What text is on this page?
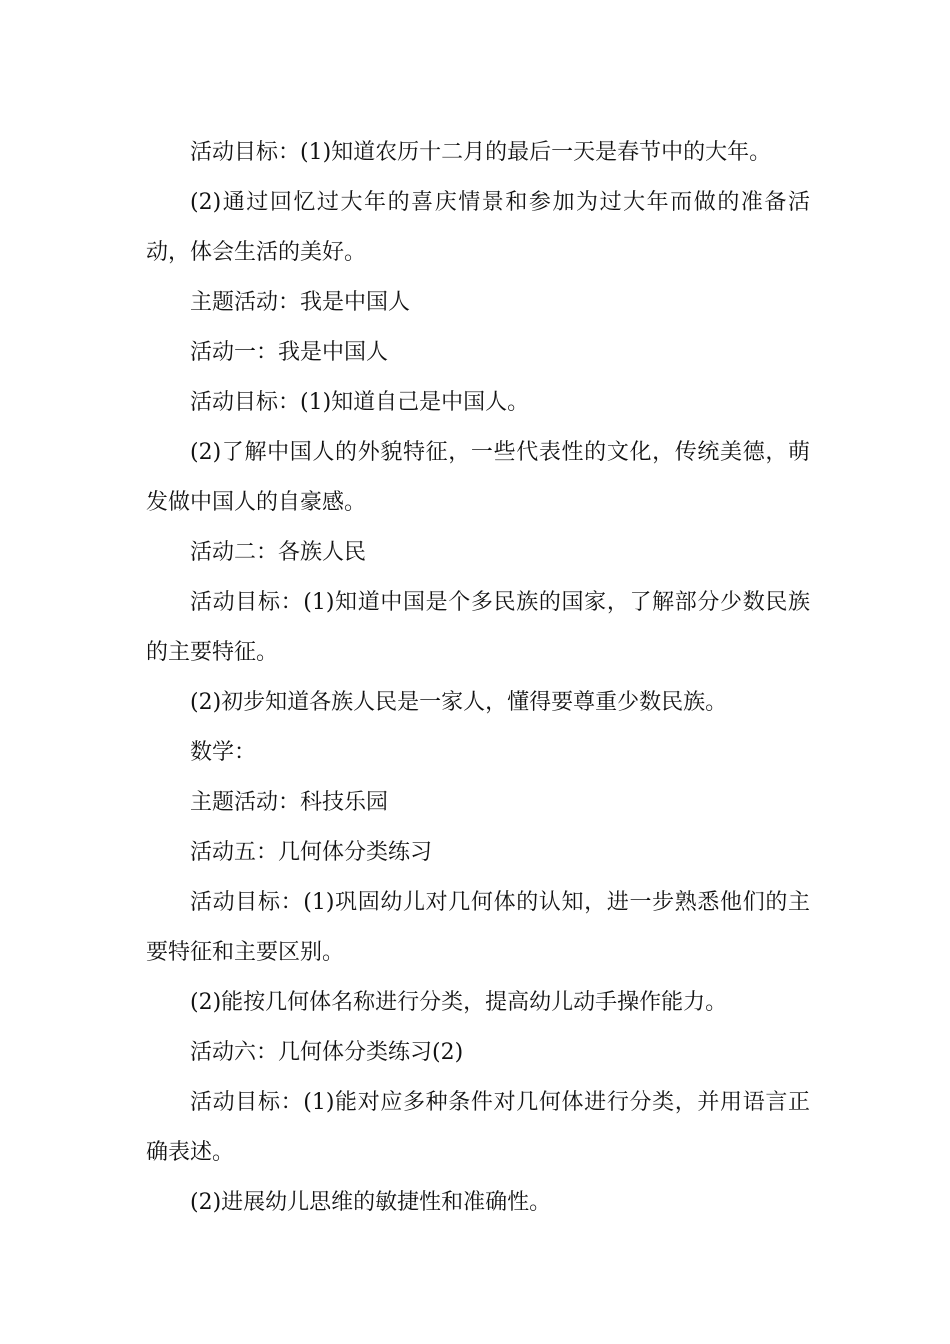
活动目标：(1)知道农历十二月的最后一天是春节中的大年。

(2)通过回忆过大年的喜庆情景和参加为过大年而做的准备活动，体会生活的美好。

主题活动：我是中国人

活动一：我是中国人

活动目标：(1)知道自己是中国人。

(2)了解中国人的外貌特征，一些代表性的文化，传统美德，萌发做中国人的自豪感。

活动二：各族人民

活动目标：(1)知道中国是个多民族的国家，了解部分少数民族的主要特征。

(2)初步知道各族人民是一家人，懂得要尊重少数民族。

数学：

主题活动：科技乐园

活动五：几何体分类练习

活动目标：(1)巩固幼儿对几何体的认知，进一步熟悉他们的主要特征和主要区别。

(2)能按几何体名称进行分类，提高幼儿动手操作能力。

活动六：几何体分类练习(2)

活动目标：(1)能对应多种条件对几何体进行分类，并用语言正确表述。

(2)进展幼儿思维的敏捷性和准确性。
